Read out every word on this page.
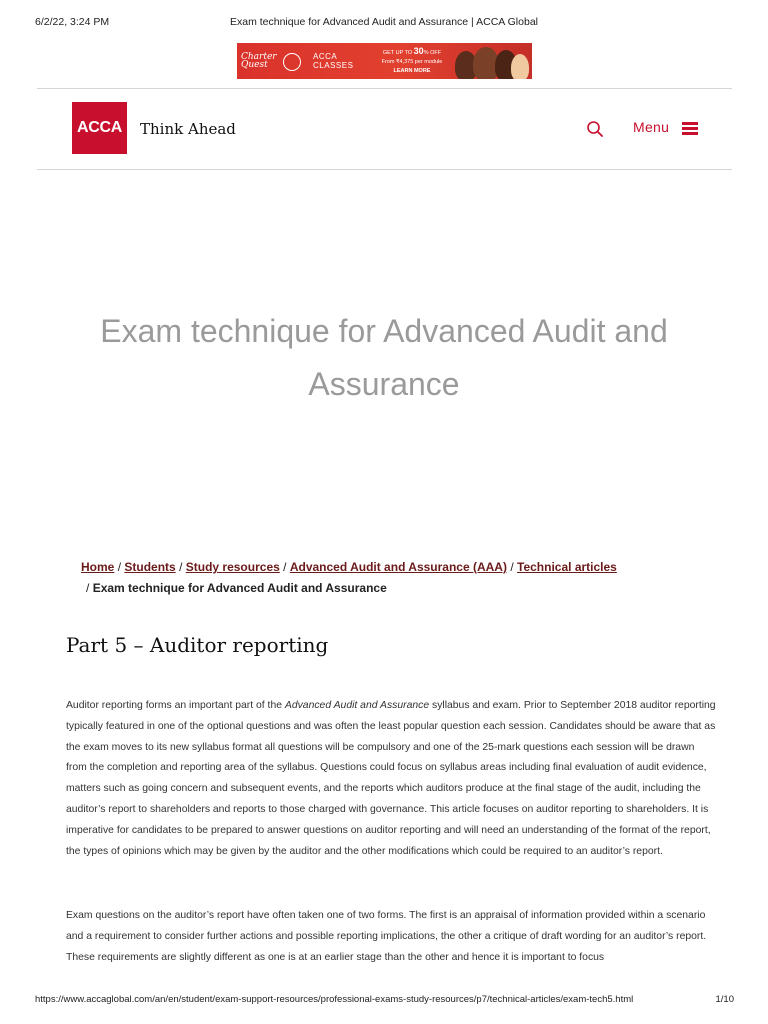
6/2/22, 3:24 PM	Exam technique for Advanced Audit and Assurance | ACCA Global
Charter
Quest
ACCA
CLASSES
GET UP TO 30% OFF
From ₹4,375 per module
LEARN MORE
ACCA	Think Ahead	Menu
Exam technique for Advanced Audit and Assurance
Home / Students / Study resources / Advanced Audit and Assurance (AAA) / Technical articles
/ Exam technique for Advanced Audit and Assurance
Part 5 – Auditor reporting

Auditor reporting forms an important part of the Advanced Audit and Assurance syllabus and exam. Prior to September 2018 auditor reporting typically featured in one of the optional questions and was often the least popular question each session. Candidates should be aware that as the exam moves to its new syllabus format all questions will be compulsory and one of the 25-mark questions each session will be drawn from the completion and reporting area of the syllabus. Questions could focus on syllabus areas including final evaluation of audit evidence, matters such as going concern and subsequent events, and the reports which auditors produce at the final stage of the audit, including the auditor’s report to shareholders and reports to those charged with governance. This article focuses on auditor reporting to shareholders. It is imperative for candidates to be prepared to answer questions on auditor reporting and will need an understanding of the format of the report, the types of opinions which may be given by the auditor and the other modifications which could be required to an auditor’s report.

Exam questions on the auditor’s report have often taken one of two forms. The first is an appraisal of information provided within a scenario and a requirement to consider further actions and possible reporting implications, the other a critique of draft wording for an auditor’s report. These requirements are slightly different as one is at an earlier stage than the other and hence it is important to focus

https://www.accaglobal.com/an/en/student/exam-support-resources/professional-exams-study-resources/p7/technical-articles/exam-tech5.html	1/10
